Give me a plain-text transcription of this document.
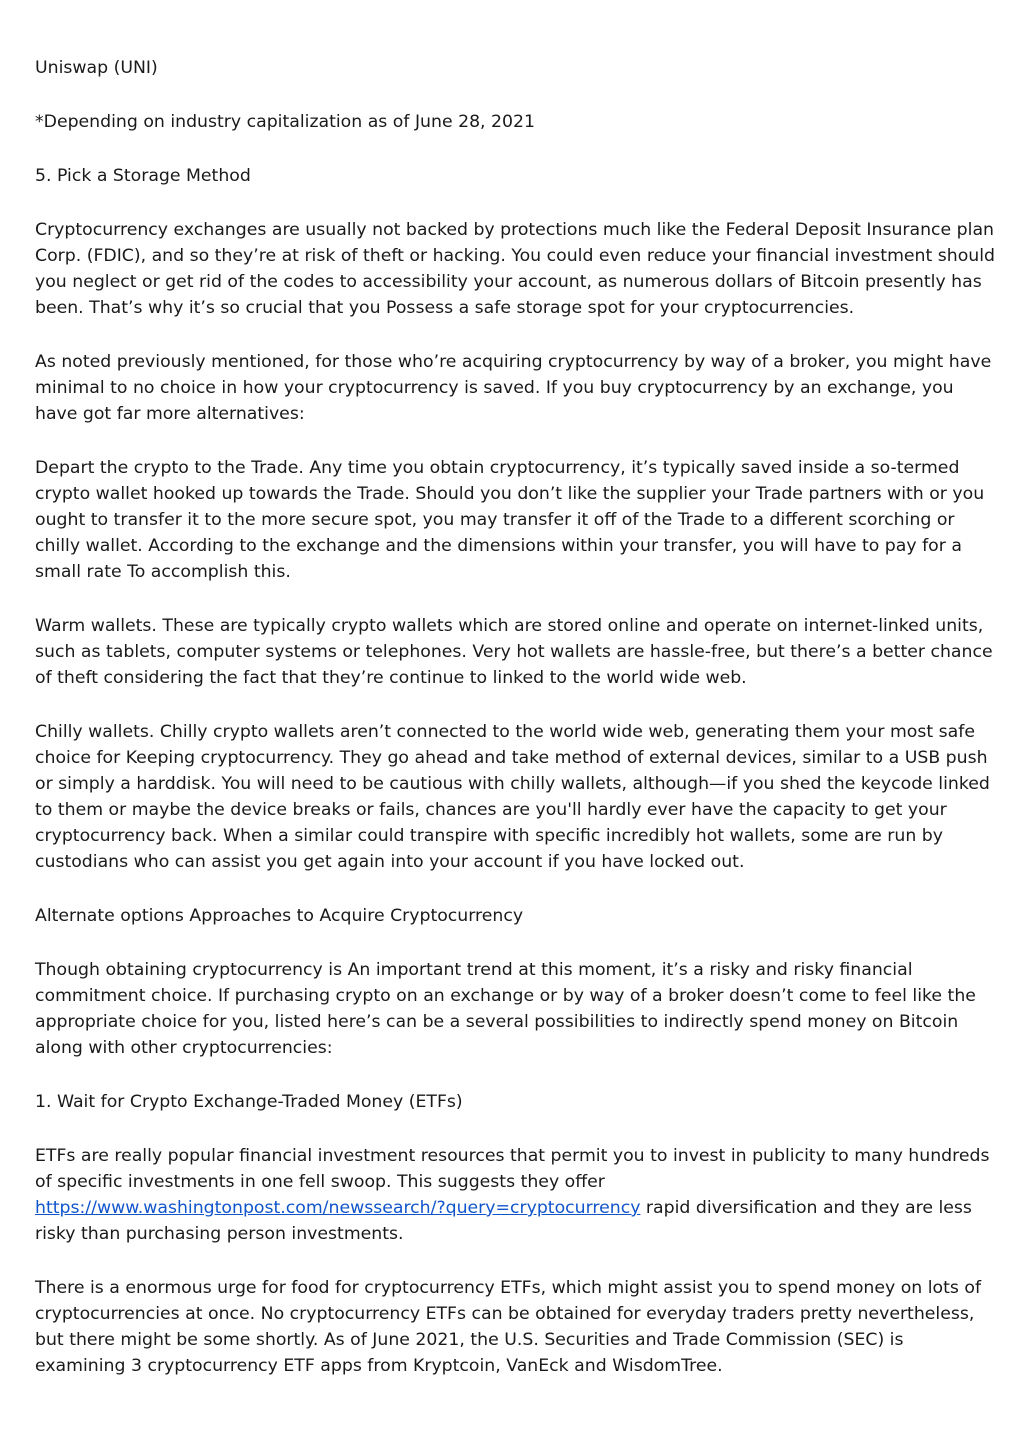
Uniswap (UNI)

*Depending on industry capitalization as of June 28, 2021

5. Pick a Storage Method

Cryptocurrency exchanges are usually not backed by protections much like the Federal Deposit Insurance plan Corp. (FDIC), and so they’re at risk of theft or hacking. You could even reduce your financial investment should you neglect or get rid of the codes to accessibility your account, as numerous dollars of Bitcoin presently has been. That’s why it’s so crucial that you Possess a safe storage spot for your cryptocurrencies.

As noted previously mentioned, for those who’re acquiring cryptocurrency by way of a broker, you might have minimal to no choice in how your cryptocurrency is saved. If you buy cryptocurrency by an exchange, you have got far more alternatives:

Depart the crypto to the Trade. Any time you obtain cryptocurrency, it’s typically saved inside a so-termed crypto wallet hooked up towards the Trade. Should you don’t like the supplier your Trade partners with or you ought to transfer it to the more secure spot, you may transfer it off of the Trade to a different scorching or chilly wallet. According to the exchange and the dimensions within your transfer, you will have to pay for a small rate To accomplish this.

Warm wallets. These are typically crypto wallets which are stored online and operate on internet-linked units, such as tablets, computer systems or telephones. Very hot wallets are hassle-free, but there’s a better chance of theft considering the fact that they’re continue to linked to the world wide web.

Chilly wallets. Chilly crypto wallets aren’t connected to the world wide web, generating them your most safe choice for Keeping cryptocurrency. They go ahead and take method of external devices, similar to a USB push or simply a harddisk. You will need to be cautious with chilly wallets, although—if you shed the keycode linked to them or maybe the device breaks or fails, chances are you'll hardly ever have the capacity to get your cryptocurrency back. When a similar could transpire with specific incredibly hot wallets, some are run by custodians who can assist you get again into your account if you have locked out.

Alternate options Approaches to Acquire Cryptocurrency

Though obtaining cryptocurrency is An important trend at this moment, it’s a risky and risky financial commitment choice. If purchasing crypto on an exchange or by way of a broker doesn’t come to feel like the appropriate choice for you, listed here’s can be a several possibilities to indirectly spend money on Bitcoin along with other cryptocurrencies:

1. Wait for Crypto Exchange-Traded Money (ETFs)

ETFs are really popular financial investment resources that permit you to invest in publicity to many hundreds of specific investments in one fell swoop. This suggests they offer https://www.washingtonpost.com/newssearch/?query=cryptocurrency rapid diversification and they are less risky than purchasing person investments.

There is a enormous urge for food for cryptocurrency ETFs, which might assist you to spend money on lots of cryptocurrencies at once. No cryptocurrency ETFs can be obtained for everyday traders pretty nevertheless, but there might be some shortly. As of June 2021, the U.S. Securities and Trade Commission (SEC) is examining 3 cryptocurrency ETF apps from Kryptcoin, VanEck and WisdomTree.
